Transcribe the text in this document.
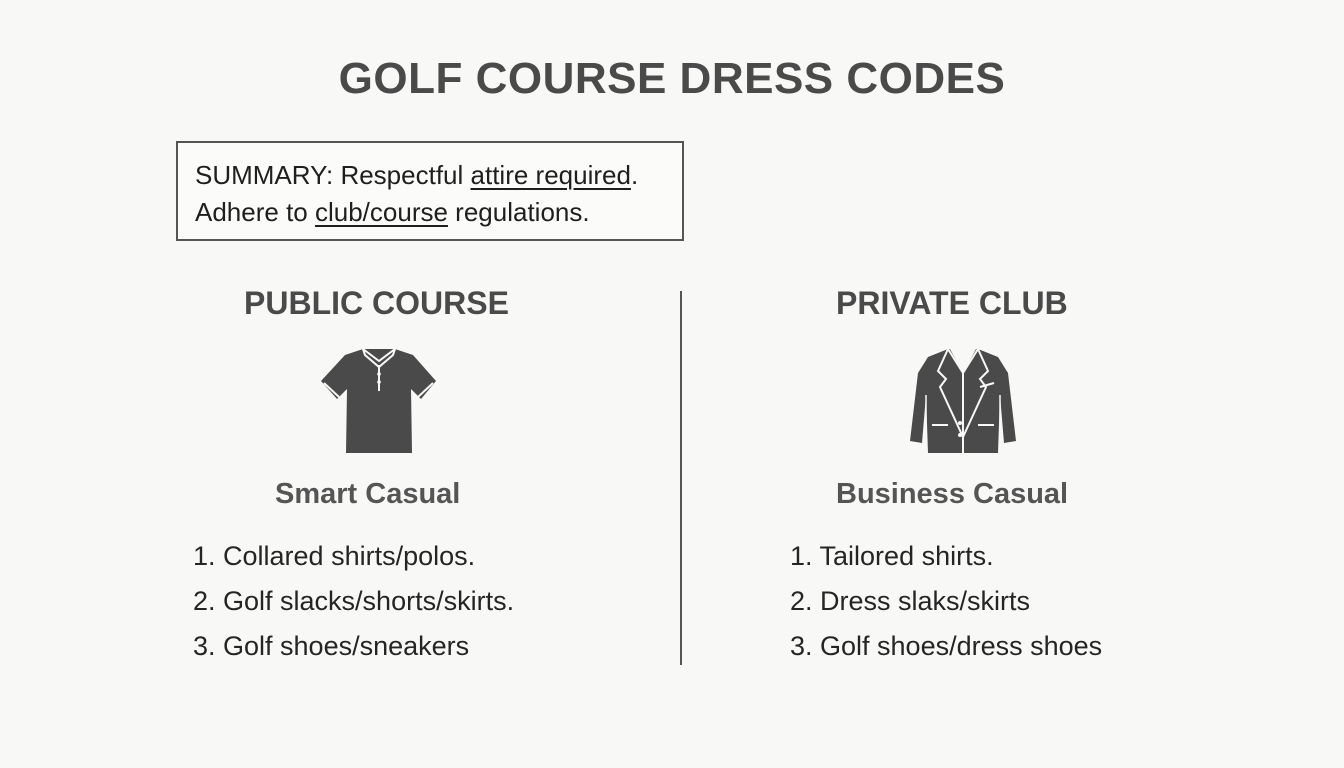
GOLF COURSE DRESS CODES
SUMMARY: Respectful attire required.
Adhere to club/course regulations.
PUBLIC COURSE
Smart Casual
1. Collared shirts/polos.
2. Golf slacks/shorts/skirts.
3. Golf shoes/sneakers
PRIVATE CLUB
Business Casual
1. Tailored shirts.
2. Dress slaks/skirts
3. Golf shoes/dress shoes
